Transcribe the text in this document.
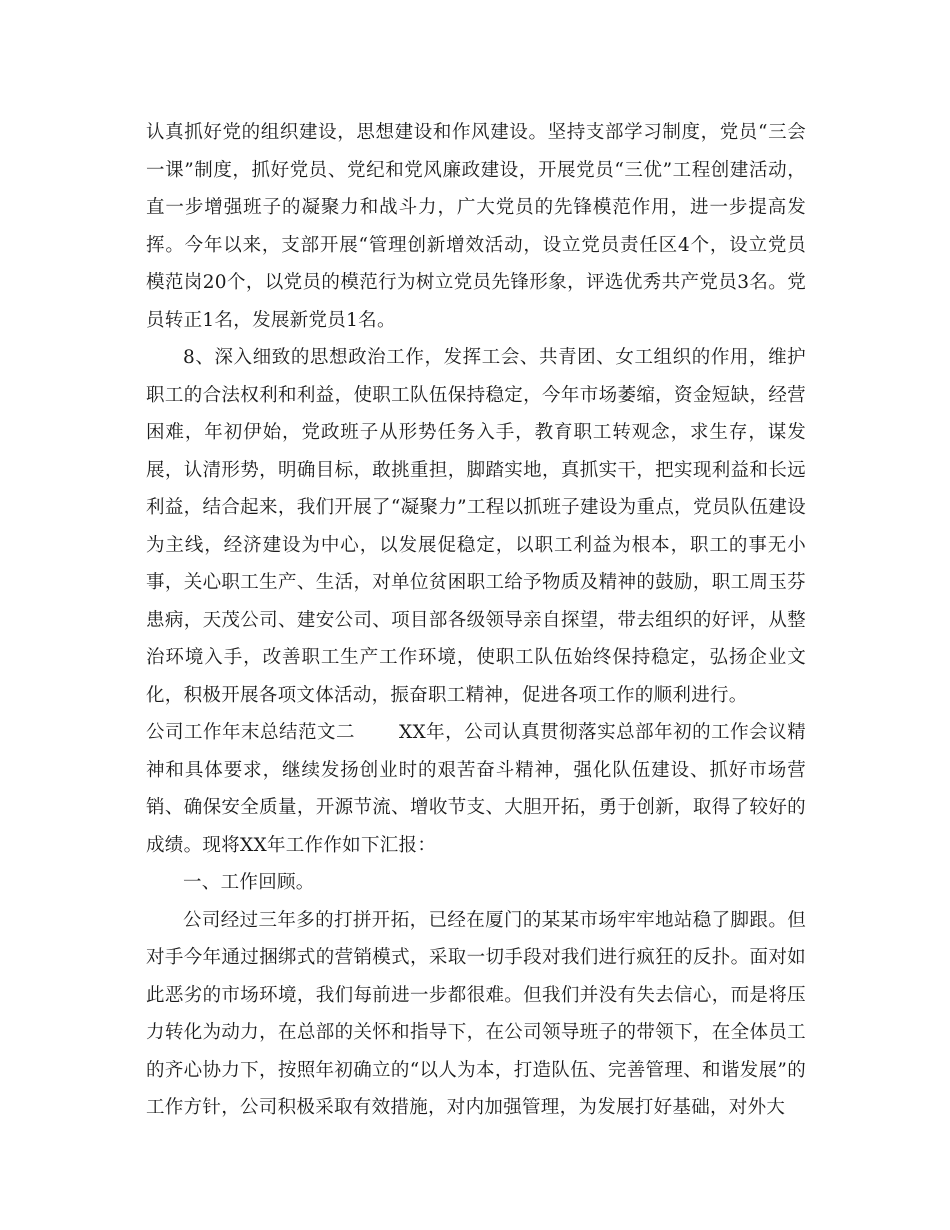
认真抓好党的组织建设，思想建设和作风建设。坚持支部学习制度，党员“三会一课”制度，抓好党员、党纪和党风廉政建设，开展党员“三优”工程创建活动，直一步增强班子的凝聚力和战斗力，广大党员的先锋模范作用，进一步提高发挥。今年以来，支部开展“管理创新增效活动，设立党员责任区4个，设立党员模范岗20个，以党员的模范行为树立党员先锋形象，评选优秀共产党员3名。党员转正1名，发展新党员1名。

8、深入细致的思想政治工作，发挥工会、共青团、女工组织的作用，维护职工的合法权利和利益，使职工队伍保持稳定，今年市场萎缩，资金短缺，经营困难，年初伊始，党政班子从形势任务入手，教育职工转观念，求生存，谋发展，认清形势，明确目标，敢挑重担，脚踏实地，真抓实干，把实现利益和长远利益，结合起来，我们开展了“凝聚力”工程以抓班子建设为重点，党员队伍建设为主线，经济建设为中心，以发展促稳定，以职工利益为根本，职工的事无小事，关心职工生产、生活，对单位贫困职工给予物质及精神的鼓励，职工周玉芬患病，天茂公司、建安公司、项目部各级领导亲自探望，带去组织的好评，从整治环境入手，改善职工生产工作环境，使职工队伍始终保持稳定，弘扬企业文化，积极开展各项文体活动，振奋职工精神，促进各项工作的顺利进行。

公司工作年末总结范文二 XX年，公司认真贯彻落实总部年初的工作会议精神和具体要求，继续发扬创业时的艰苦奋斗精神，强化队伍建设、抓好市场营销、确保安全质量，开源节流、增收节支、大胆开拓，勇于创新，取得了较好的成绩。现将XX年工作作如下汇报：

一、工作回顾。

公司经过三年多的打拼开拓，已经在厦门的某某市场牢牢地站稳了脚跟。但对手今年通过捆绑式的营销模式，采取一切手段对我们进行疯狂的反扑。面对如此恶劣的市场环境，我们每前进一步都很难。但我们并没有失去信心，而是将压力转化为动力，在总部的关怀和指导下，在公司领导班子的带领下，在全体员工的齐心协力下，按照年初确立的“以人为本，打造队伍、完善管理、和谐发展”的工作方针，公司积极采取有效措施，对内加强管理，为发展打好基础，对外大
